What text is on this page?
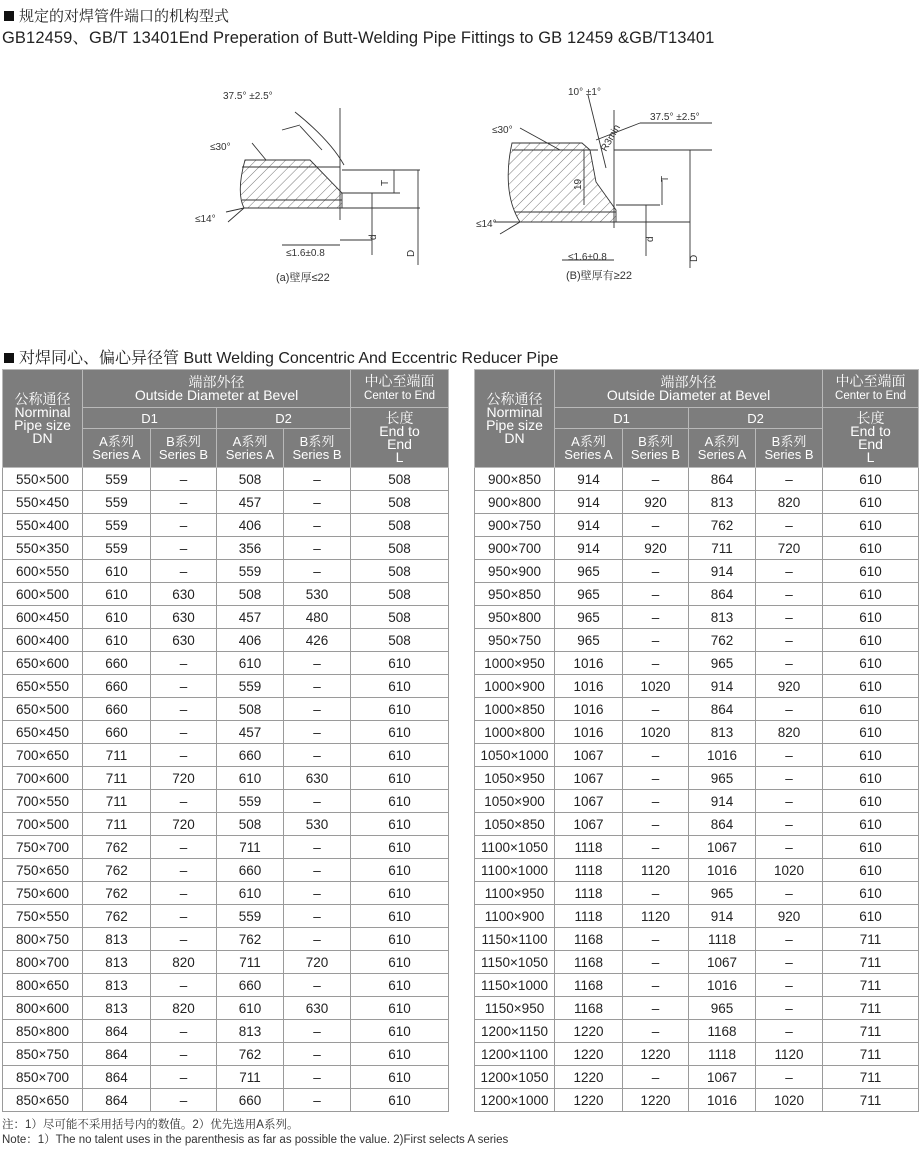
规定的对焊管件端口的机构型式
GB12459、GB/T 13401End Preperation of Butt-Welding Pipe Fittings to GB 12459 &GB/T13401
37.5° ±2.5°
≤30°
≤14°
≤1.6±0.8
T
d
D
(a)壁厚≤22
10° ±1°
37.5° ±2.5°
R3min
19
≤30°
≤14°
≤1.6±0.8
T
d
D
(B)壁厚有≥22
对焊同心、偏心异径管 Butt Welding Concentric And Eccentric Reducer Pipe
公称通径
Norminal
Pipe size
DN	端部外径
Outside Diameter at Bevel				中心至端面
Center to End
	D1		D2		长度
End to
End
L
	A系列
Series A	B系列
Series B	A系列
Series A	B系列
Series B	
550×500	559	–	508	–	508
550×450	559	–	457	–	508
550×400	559	–	406	–	508
550×350	559	–	356	–	508
600×550	610	–	559	–	508
600×500	610	630	508	530	508
600×450	610	630	457	480	508
600×400	610	630	406	426	508
650×600	660	–	610	–	610
650×550	660	–	559	–	610
650×500	660	–	508	–	610
650×450	660	–	457	–	610
700×650	711	–	660	–	610
700×600	711	720	610	630	610
700×550	711	–	559	–	610
700×500	711	720	508	530	610
750×700	762	–	711	–	610
750×650	762	–	660	–	610
750×600	762	–	610	–	610
750×550	762	–	559	–	610
800×750	813	–	762	–	610
800×700	813	820	711	720	610
800×650	813	–	660	–	610
800×600	813	820	610	630	610
850×800	864	–	813	–	610
850×750	864	–	762	–	610
850×700	864	–	711	–	610
850×650	864	–	660	–	610
公称通径
Norminal
Pipe size
DN	端部外径
Outside Diameter at Bevel				中心至端面
Center to End
	D1		D2		长度
End to
End
L
	A系列
Series A	B系列
Series B	A系列
Series A	B系列
Series B	
900×850	914	–	864	–	610
900×800	914	920	813	820	610
900×750	914	–	762	–	610
900×700	914	920	711	720	610
950×900	965	–	914	–	610
950×850	965	–	864	–	610
950×800	965	–	813	–	610
950×750	965	–	762	–	610
1000×950	1016	–	965	–	610
1000×900	1016	1020	914	920	610
1000×850	1016	–	864	–	610
1000×800	1016	1020	813	820	610
1050×1000	1067	–	1016	–	610
1050×950	1067	–	965	–	610
1050×900	1067	–	914	–	610
1050×850	1067	–	864	–	610
1100×1050	1118	–	1067	–	610
1100×1000	1118	1120	1016	1020	610
1100×950	1118	–	965	–	610
1100×900	1118	1120	914	920	610
1150×1100	1168	–	1118	–	711
1150×1050	1168	–	1067	–	711
1150×1000	1168	–	1016	–	711
1150×950	1168	–	965	–	711
1200×1150	1220	–	1168	–	711
1200×1100	1220	1220	1118	1120	711
1200×1050	1220	–	1067	–	711
1200×1000	1220	1220	1016	1020	711
注：1）尽可能不采用括号内的数值。2）优先选用A系列。
Note：1）The no talent uses in the parenthesis as far as possible the value. 2)First selects A series
